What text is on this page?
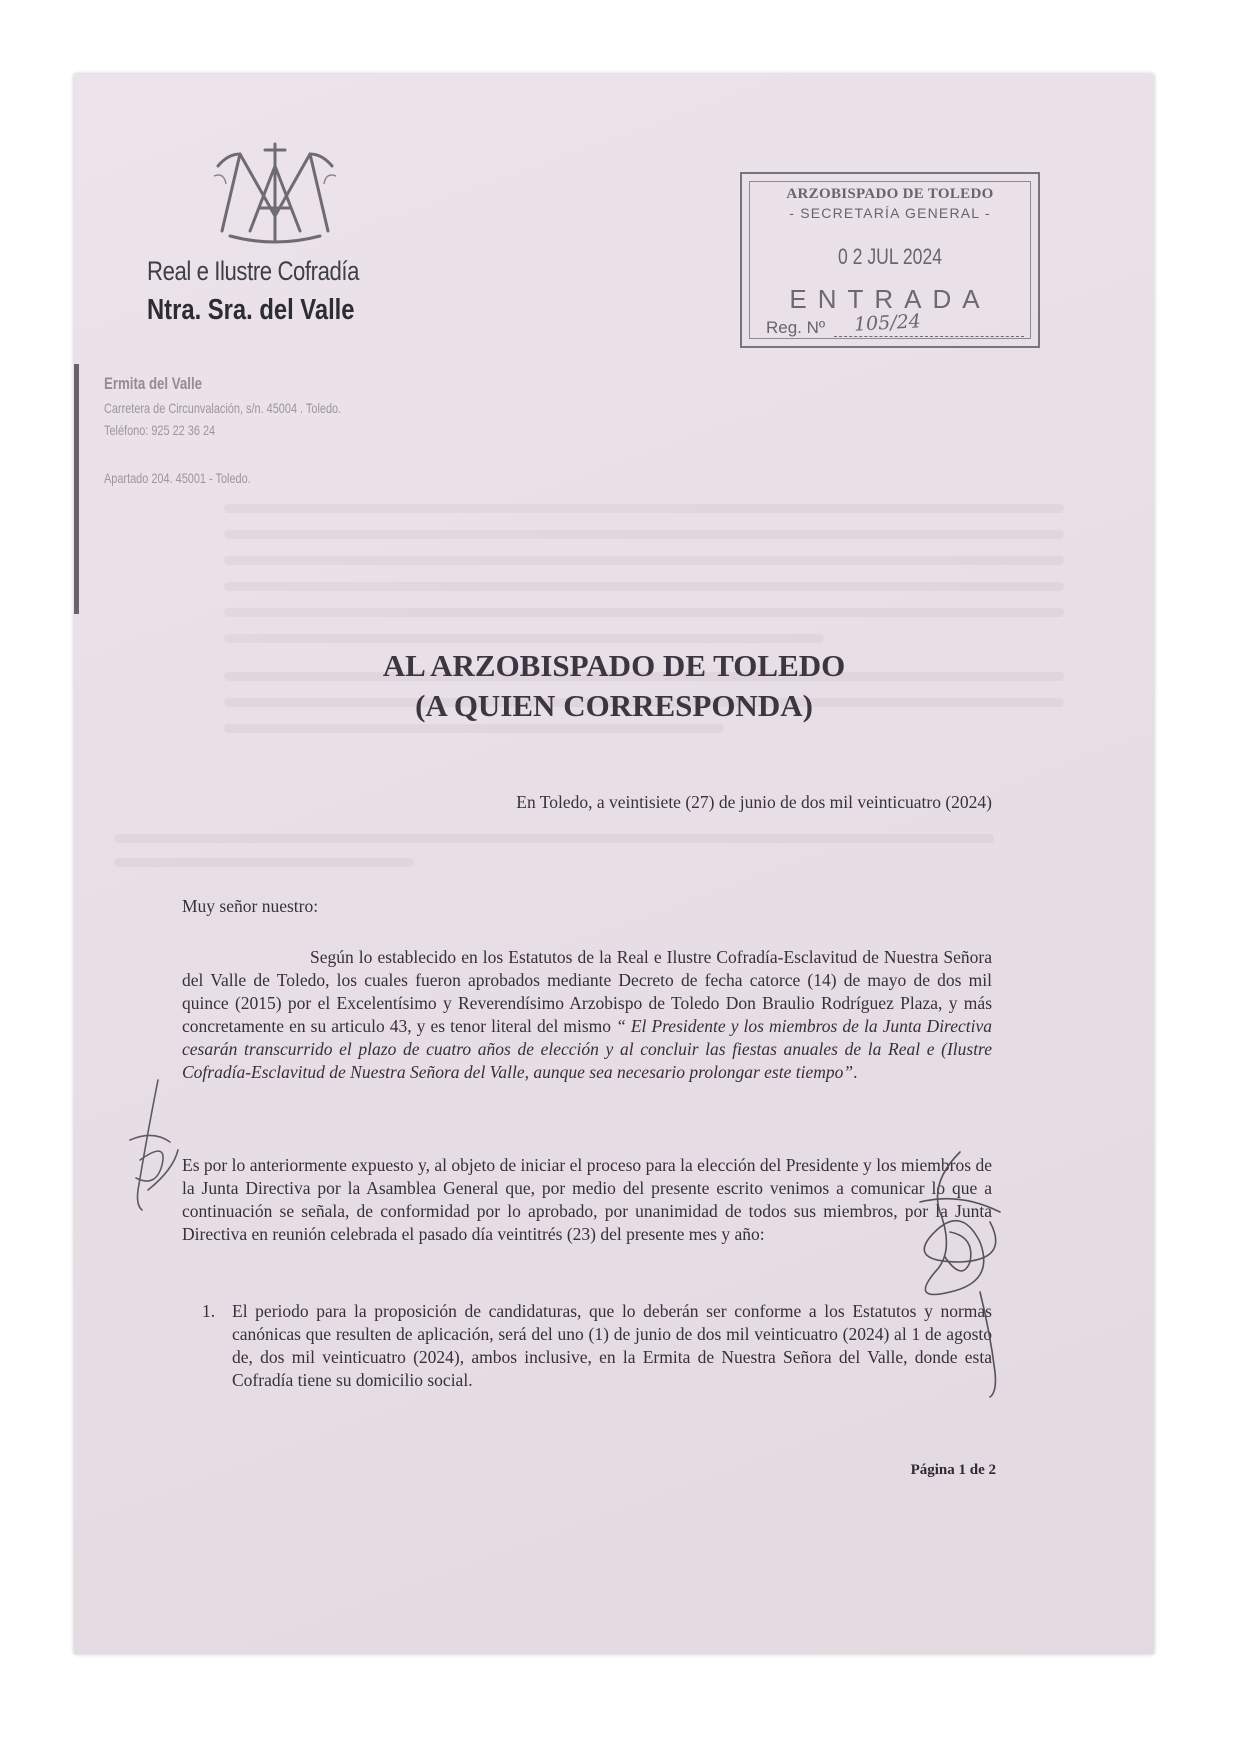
Real e Ilustre Cofradía

Ntra. Sra. del Valle

Ermita del Valle

Carretera de Circunvalación, s/n. 45004 . Toledo.

Teléfono: 925 22 36 24

Apartado 204. 45001 - Toledo.

ARZOBISPADO DE TOLEDO

- SECRETARÍA GENERAL -

0 2 JUL 2024

ENTRADA

Reg. Nº 105/24

AL ARZOBISPADO DE TOLEDO

(A QUIEN CORRESPONDA)

En Toledo, a veintisiete (27) de junio de dos mil veinticuatro (2024)

Muy señor nuestro:

Según lo establecido en los Estatutos de la Real e Ilustre Cofradía-Esclavitud de Nuestra Señora del Valle de Toledo, los cuales fueron aprobados mediante Decreto de fecha catorce (14) de mayo de dos mil quince (2015) por el Excelentísimo y Reverendísimo Arzobispo de Toledo Don Braulio Rodríguez Plaza, y más concretamente en su articulo 43, y es tenor literal del mismo “ El Presidente y los miembros de la Junta Directiva cesarán transcurrido el plazo de cuatro años de elección y al concluir las fiestas anuales de la Real e (Ilustre Cofradía-Esclavitud de Nuestra Señora del Valle, aunque sea necesario prolongar este tiempo”.

Es por lo anteriormente expuesto y, al objeto de iniciar el proceso para la elección del Presidente y los miembros de la Junta Directiva por la Asamblea General que, por medio del presente escrito venimos a comunicar lo que a continuación se señala, de conformidad por lo aprobado, por unanimidad de todos sus miembros, por la Junta Directiva en reunión celebrada el pasado día veintitrés (23) del presente mes y año:

1. El periodo para la proposición de candidaturas, que lo deberán ser conforme a los Estatutos y normas canónicas que resulten de aplicación, será del uno (1) de junio de dos mil veinticuatro (2024) al 1 de agosto de, dos mil veinticuatro (2024), ambos inclusive, en la Ermita de Nuestra Señora del Valle, donde esta Cofradía tiene su domicilio social.

Página 1 de 2
